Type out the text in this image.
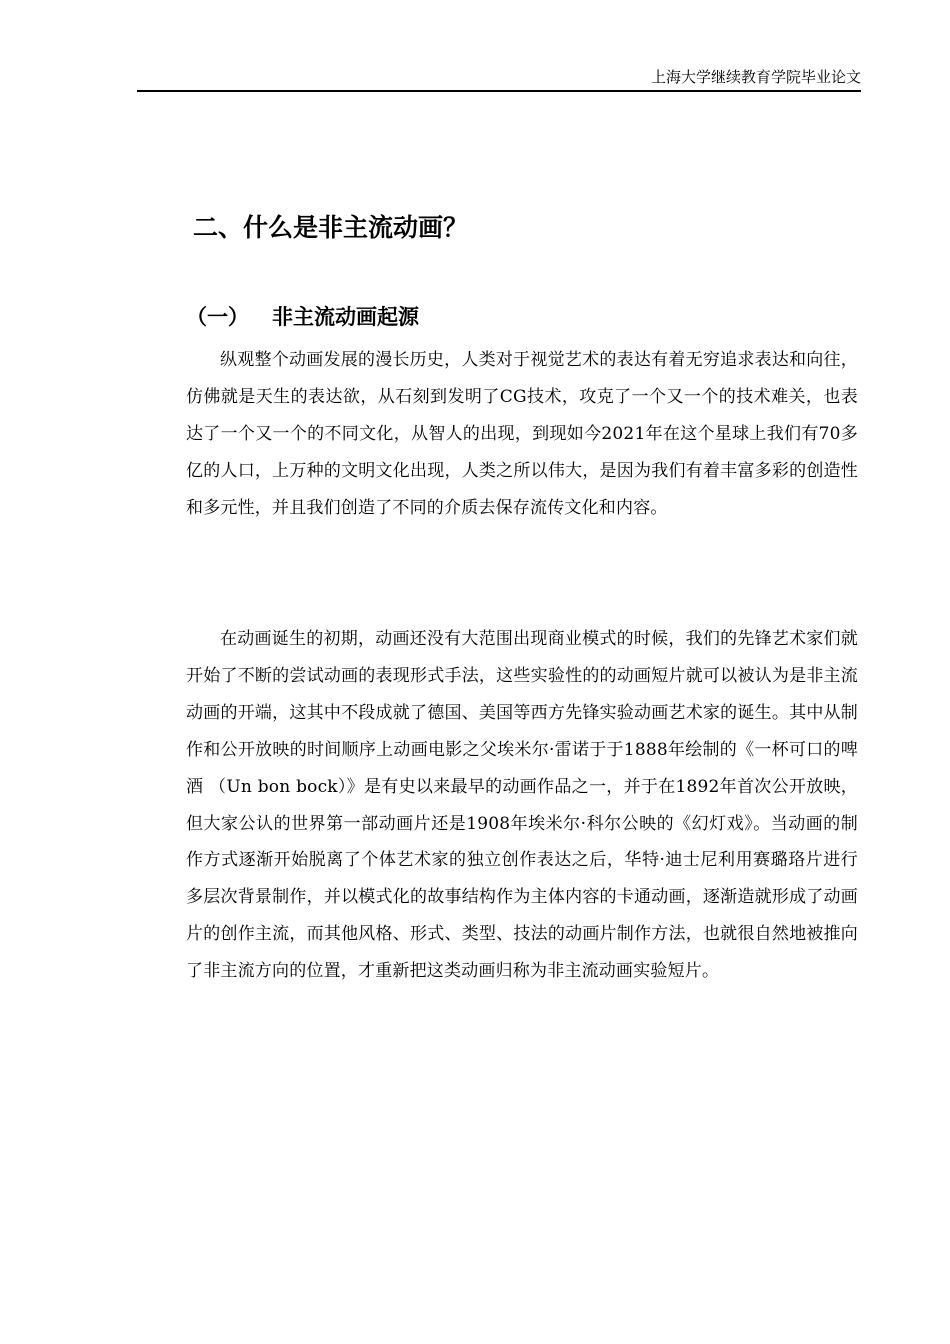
上海大学继续教育学院毕业论文
二、什么是非主流动画？
（一） 非主流动画起源

纵观整个动画发展的漫长历史，人类对于视觉艺术的表达有着无穷追求表达和向往，仿佛就是天生的表达欲，从石刻到发明了CG技术，攻克了一个又一个的技术难关，也表达了一个又一个的不同文化，从智人的出现，到现如今2021年在这个星球上我们有70多亿的人口，上万种的文明文化出现，人类之所以伟大，是因为我们有着丰富多彩的创造性和多元性，并且我们创造了不同的介质去保存流传文化和内容。

在动画诞生的初期，动画还没有大范围出现商业模式的时候，我们的先锋艺术家们就开始了不断的尝试动画的表现形式手法，这些实验性的的动画短片就可以被认为是非主流动画的开端，这其中不段成就了德国、美国等西方先锋实验动画艺术家的诞生。其中从制作和公开放映的时间顺序上动画电影之父埃米尔·雷诺于于1888年绘制的《一杯可口的啤酒 （Un bon bock）》是有史以来最早的动画作品之一，并于在1892年首次公开放映，但大家公认的世界第一部动画片还是1908年埃米尔·科尔公映的《幻灯戏》。当动画的制作方式逐渐开始脱离了个体艺术家的独立创作表达之后，华特·迪士尼利用赛璐珞片进行多层次背景制作，并以模式化的故事结构作为主体内容的卡通动画，逐渐造就形成了动画片的创作主流，而其他风格、形式、类型、技法的动画片制作方法，也就很自然地被推向了非主流方向的位置，才重新把这类动画归称为非主流动画实验短片。
